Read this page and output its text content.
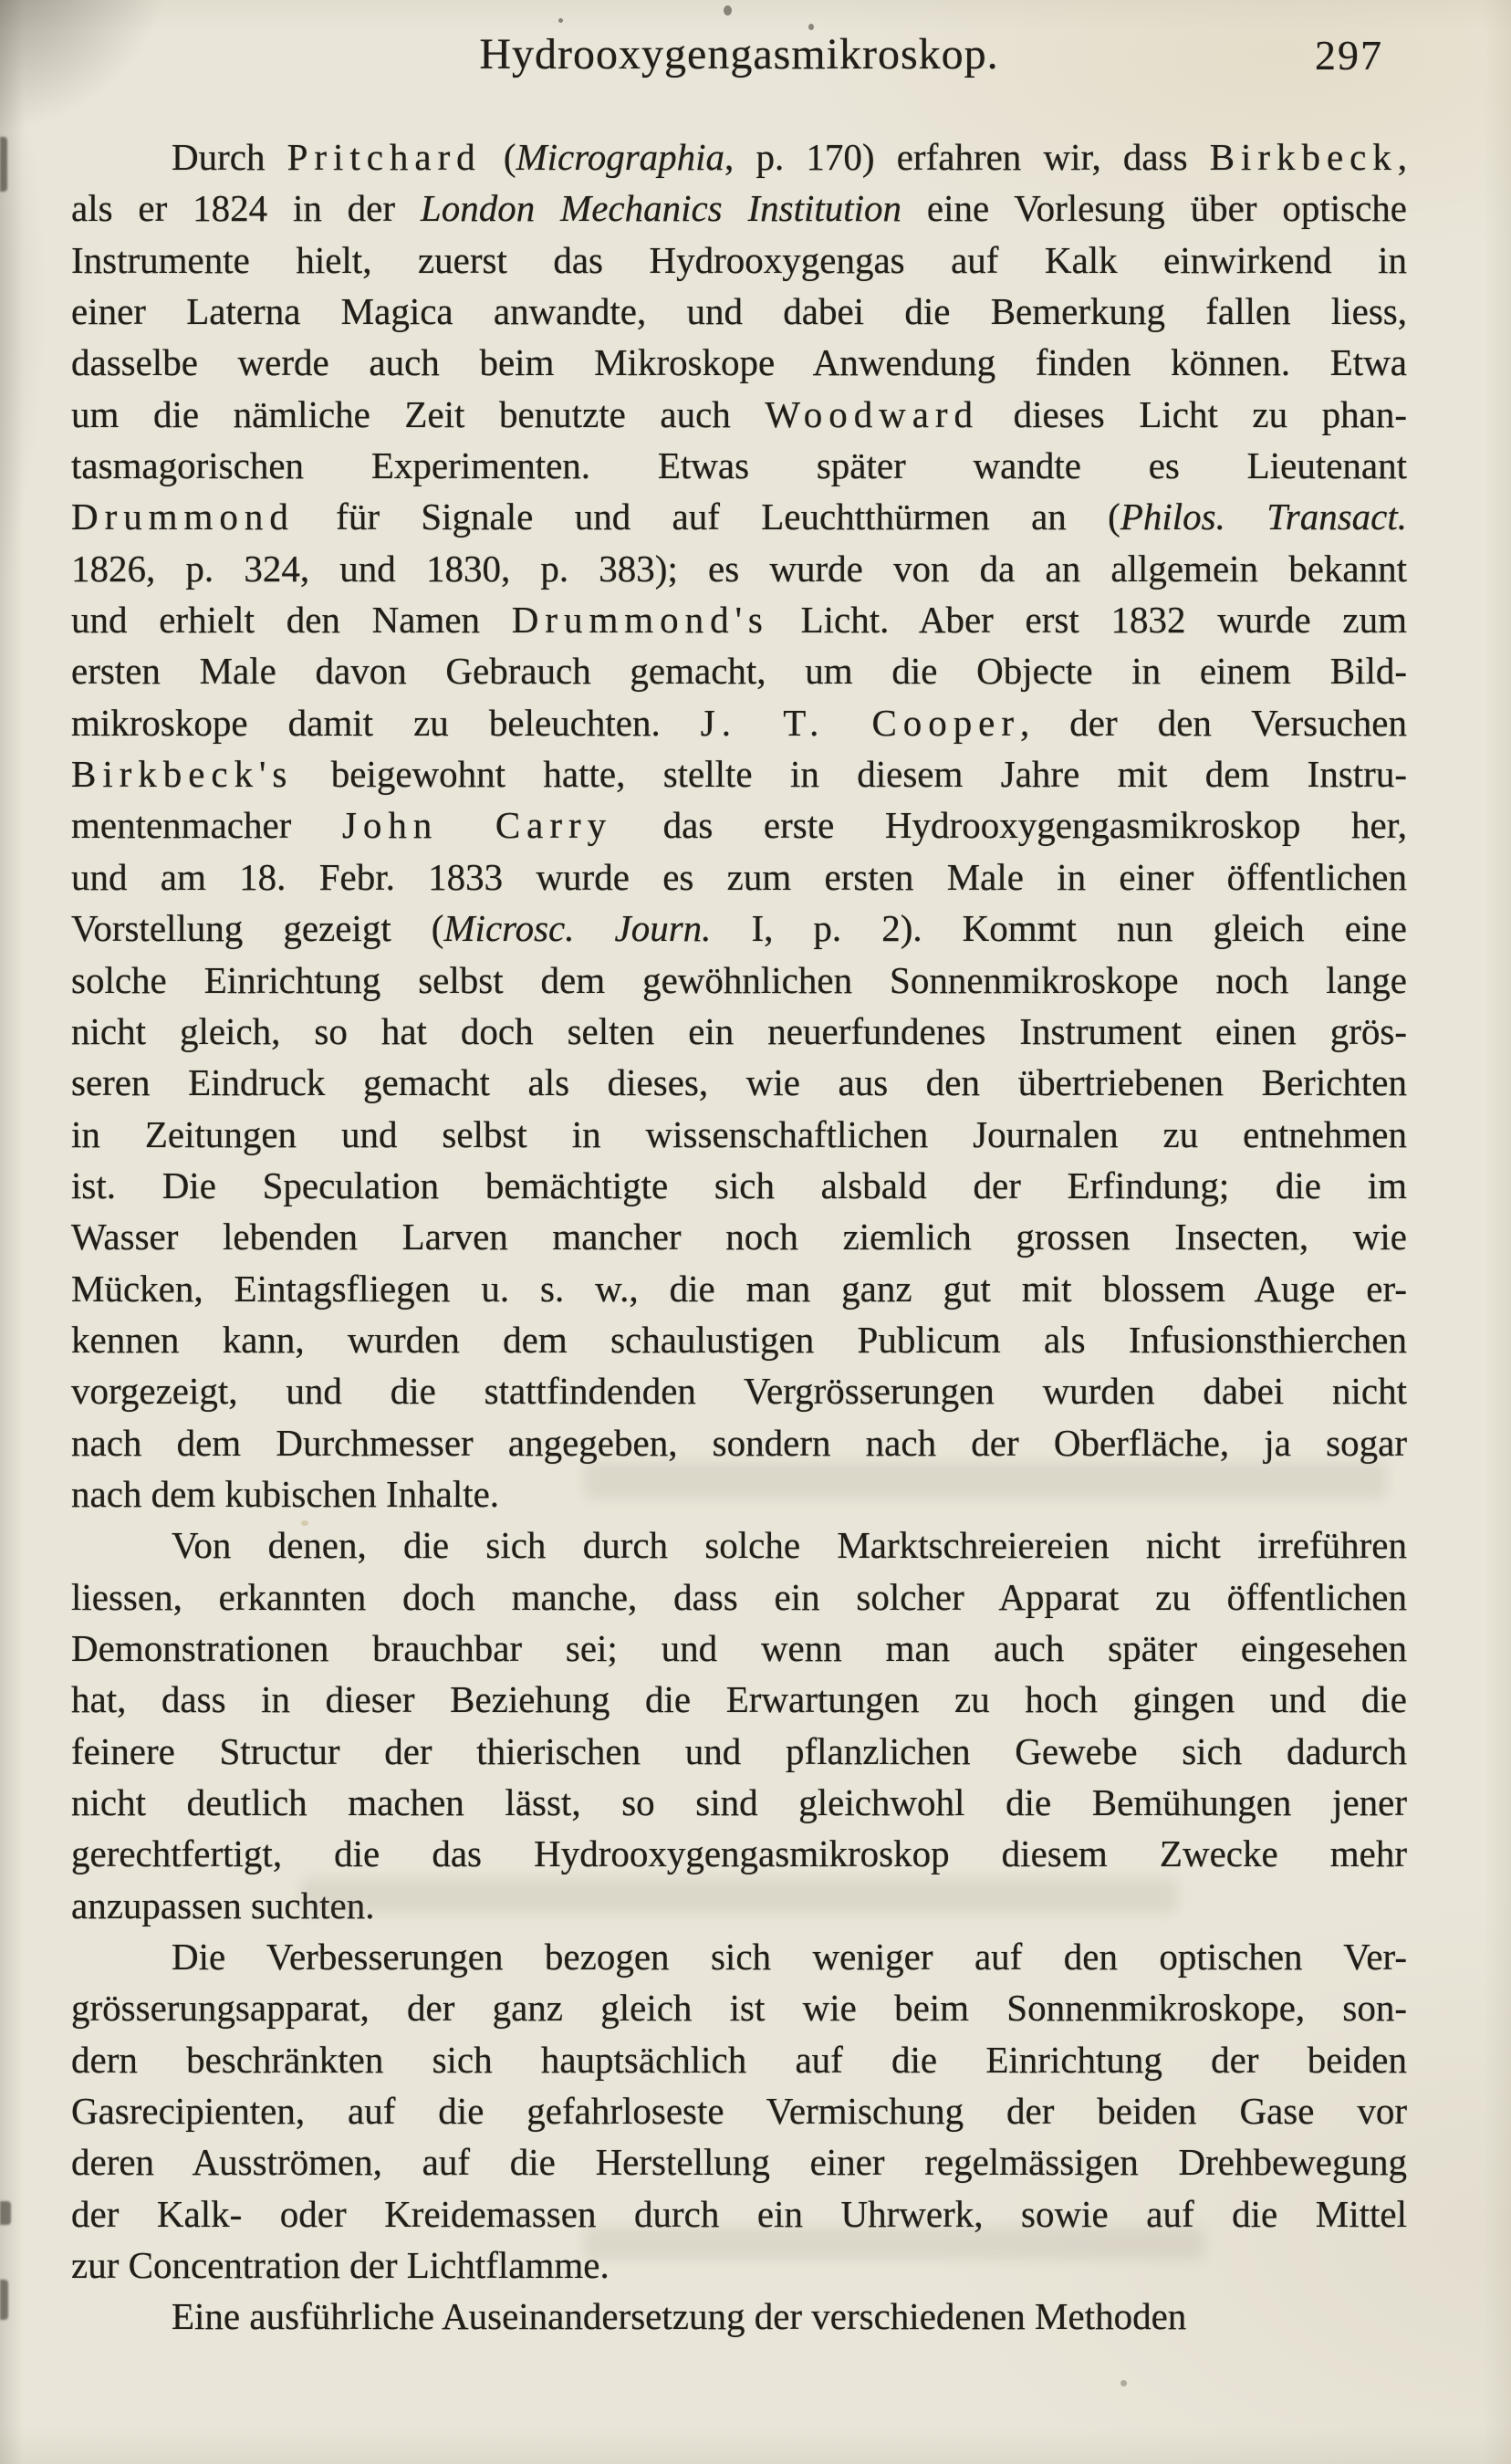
Hydrooxygengasmikroskop.	297
Durch Pritchard (Micrographia, p. 170) erfahren wir, dass Birkbeck,
als er 1824 in der London Mechanics Institution eine Vorlesung über optische
Instrumente hielt, zuerst das Hydrooxygengas auf Kalk einwirkend in
einer Laterna Magica anwandte, und dabei die Bemerkung fallen liess,
dasselbe werde auch beim Mikroskope Anwendung finden können. Etwa
um die nämliche Zeit benutzte auch Woodward dieses Licht zu phan-
tasmagorischen Experimenten. Etwas später wandte es Lieutenant
Drummond für Signale und auf Leuchtthürmen an (Philos. Transact.
1826, p. 324, und 1830, p. 383); es wurde von da an allgemein bekannt
und erhielt den Namen Drummond's Licht. Aber erst 1832 wurde zum
ersten Male davon Gebrauch gemacht, um die Objecte in einem Bild-
mikroskope damit zu beleuchten. J. T. Cooper, der den Versuchen
Birkbeck's beigewohnt hatte, stellte in diesem Jahre mit dem Instru-
mentenmacher John Carry das erste Hydrooxygengasmikroskop her,
und am 18. Febr. 1833 wurde es zum ersten Male in einer öffentlichen
Vorstellung gezeigt (Microsc. Journ. I, p. 2). Kommt nun gleich eine
solche Einrichtung selbst dem gewöhnlichen Sonnenmikroskope noch lange
nicht gleich, so hat doch selten ein neuerfundenes Instrument einen grös-
seren Eindruck gemacht als dieses, wie aus den übertriebenen Berichten
in Zeitungen und selbst in wissenschaftlichen Journalen zu entnehmen
ist. Die Speculation bemächtigte sich alsbald der Erfindung; die im
Wasser lebenden Larven mancher noch ziemlich grossen Insecten, wie
Mücken, Eintagsfliegen u. s. w., die man ganz gut mit blossem Auge er-
kennen kann, wurden dem schaulustigen Publicum als Infusionsthierchen
vorgezeigt, und die stattfindenden Vergrösserungen wurden dabei nicht
nach dem Durchmesser angegeben, sondern nach der Oberfläche, ja sogar
nach dem kubischen Inhalte.
Von denen, die sich durch solche Marktschreiereien nicht irreführen
liessen, erkannten doch manche, dass ein solcher Apparat zu öffentlichen
Demonstrationen brauchbar sei; und wenn man auch später eingesehen
hat, dass in dieser Beziehung die Erwartungen zu hoch gingen und die
feinere Structur der thierischen und pflanzlichen Gewebe sich dadurch
nicht deutlich machen lässt, so sind gleichwohl die Bemühungen jener
gerechtfertigt, die das Hydrooxygengasmikroskop diesem Zwecke mehr
anzupassen suchten.
Die Verbesserungen bezogen sich weniger auf den optischen Ver-
grösserungsapparat, der ganz gleich ist wie beim Sonnenmikroskope, son-
dern beschränkten sich hauptsächlich auf die Einrichtung der beiden
Gasrecipienten, auf die gefahrloseste Vermischung der beiden Gase vor
deren Ausströmen, auf die Herstellung einer regelmässigen Drehbewegung
der Kalk- oder Kreidemassen durch ein Uhrwerk, sowie auf die Mittel
zur Concentration der Lichtflamme.
Eine ausführliche Auseinandersetzung der verschiedenen Methoden
